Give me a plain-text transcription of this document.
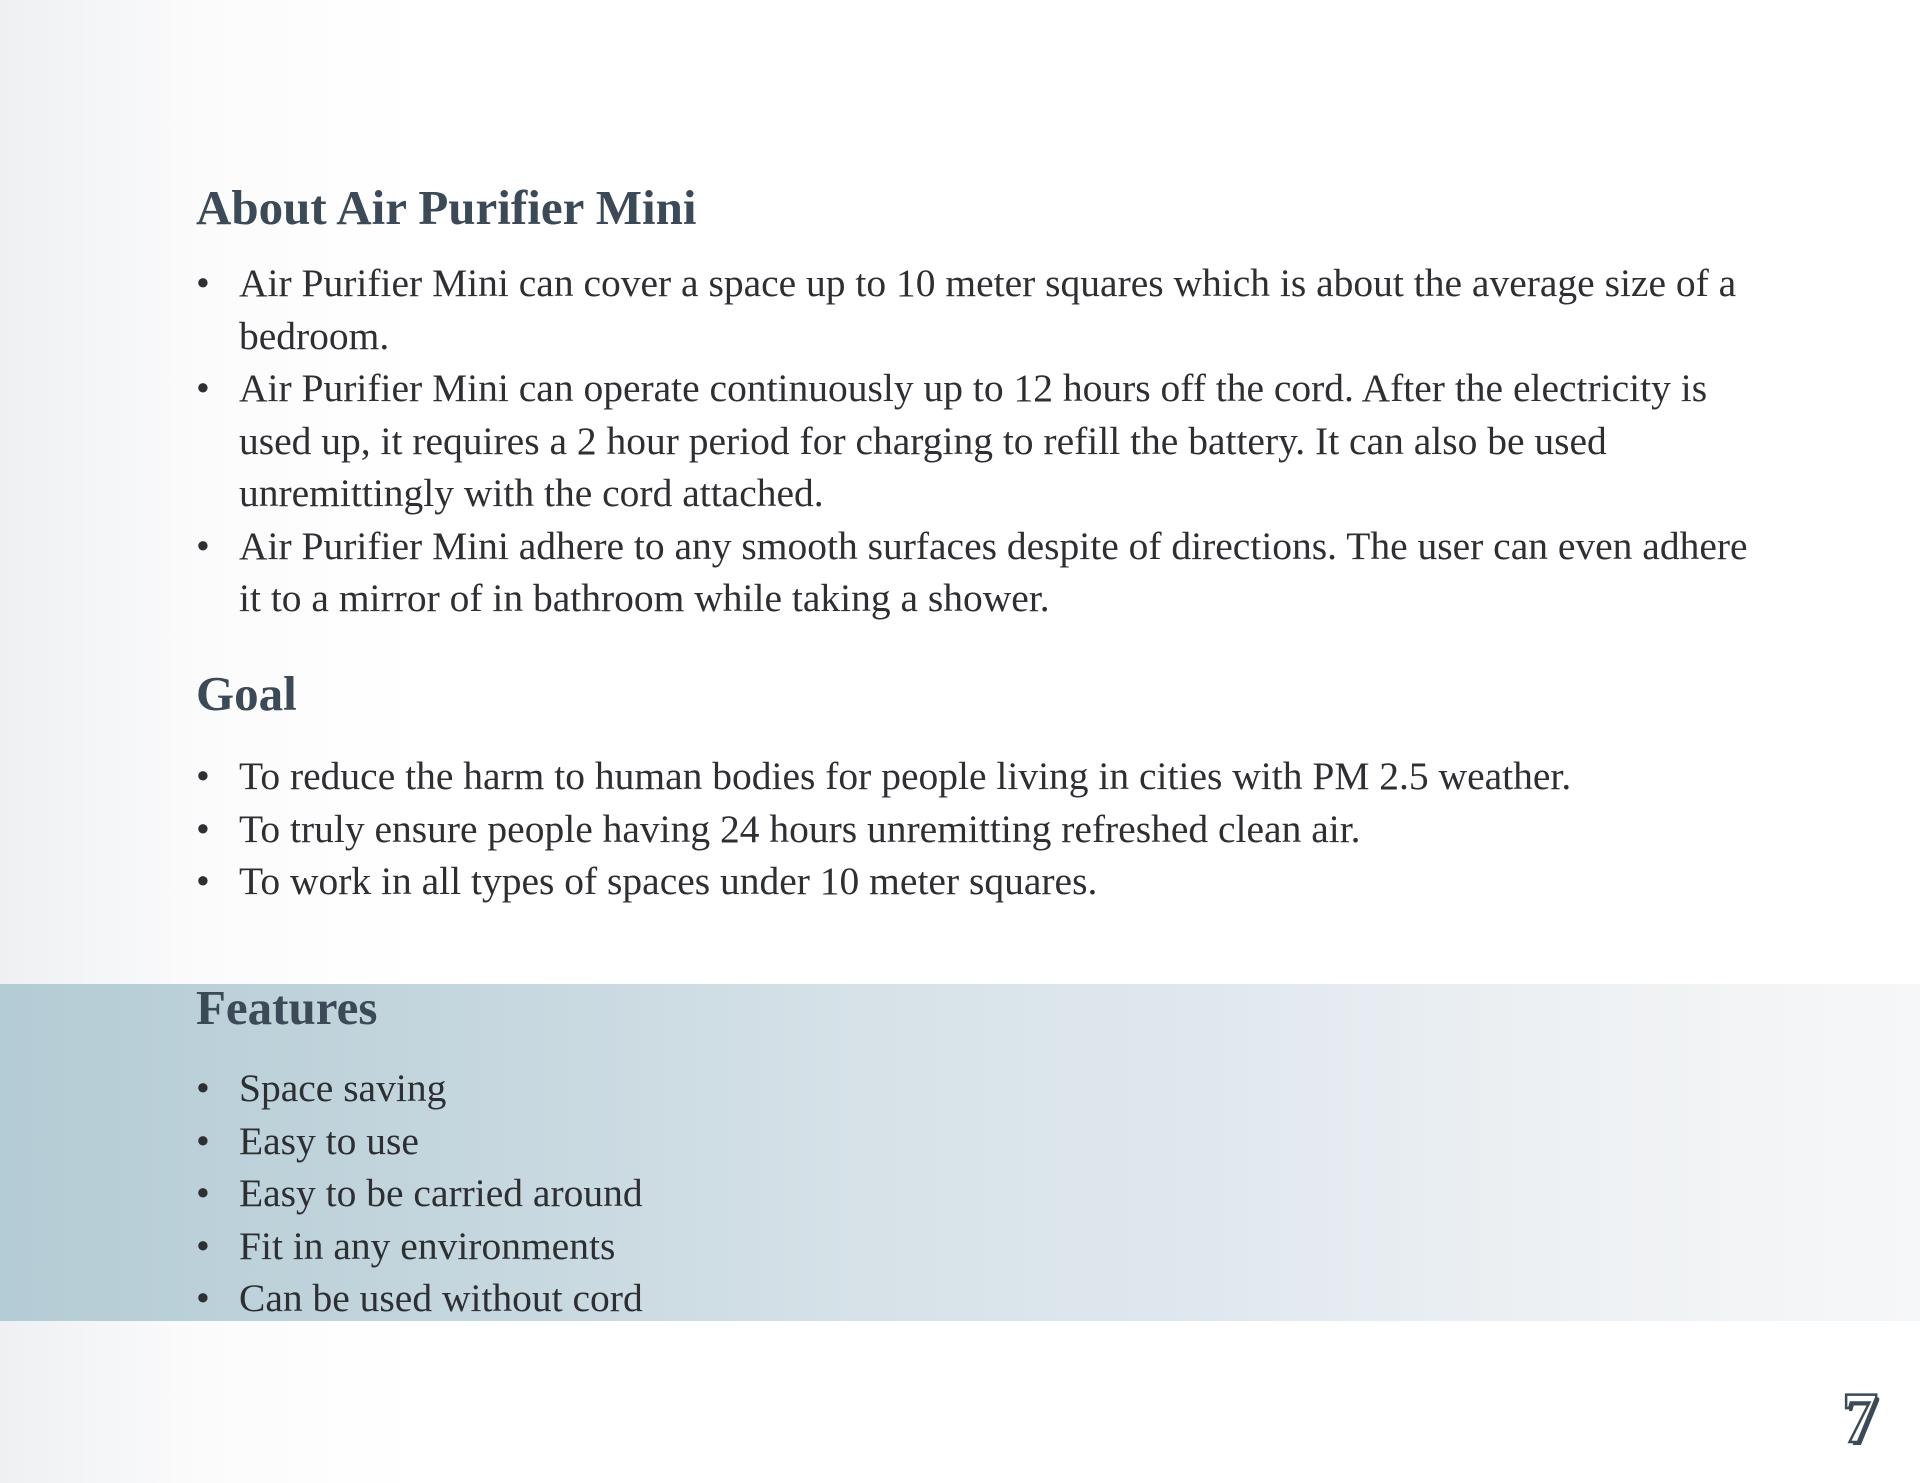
About Air Purifier Mini
• Air Purifier Mini can cover a space up to 10 meter squares which is about the average size of a bedroom.
• Air Purifier Mini can operate continuously up to 12 hours off the cord. After the electricity is used up, it requires a 2 hour period for charging to refill the battery. It can also be used unremittingly with the cord attached.
• Air Purifier Mini adhere to any smooth surfaces despite of directions. The user can even adhere it to a mirror of in bathroom while taking a shower.
Goal
• To reduce the harm to human bodies for people living in cities with PM 2.5 weather.
• To truly ensure people having 24 hours unremitting refreshed clean air.
• To work in all types of spaces under 10 meter squares.
Features
• Space saving
• Easy to use
• Easy to be carried around
• Fit in any environments
• Can be used without cord
7
